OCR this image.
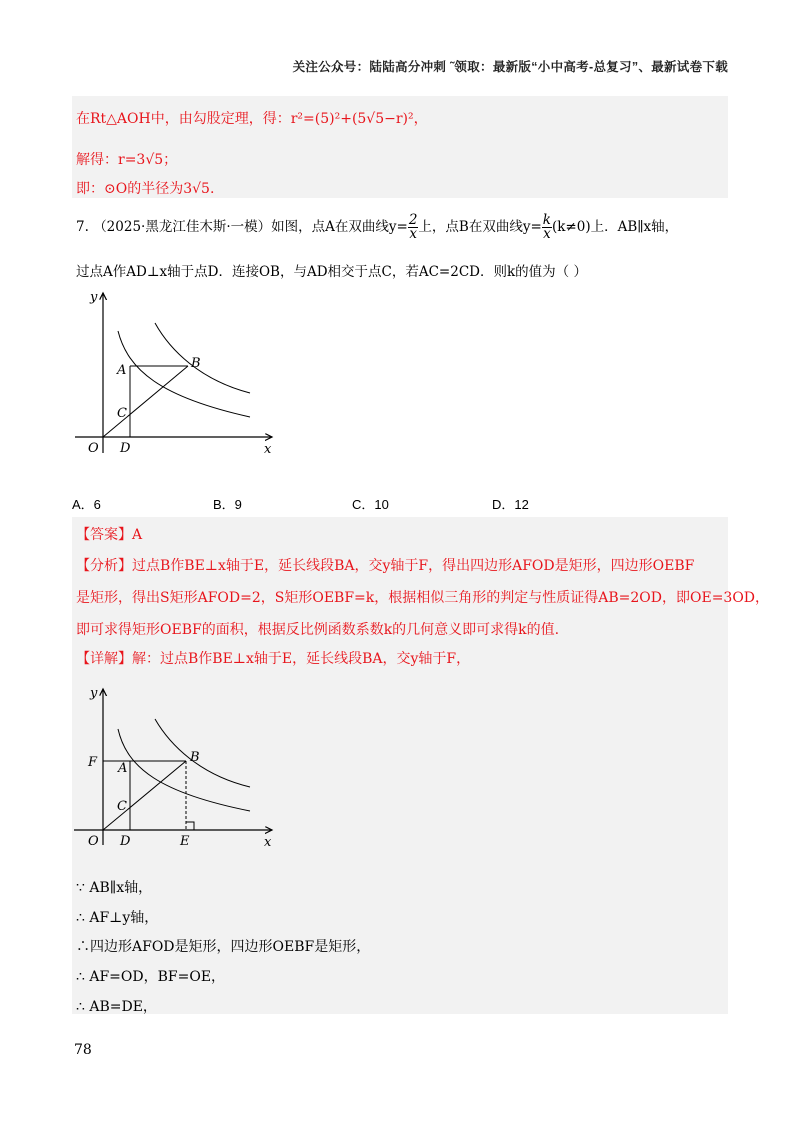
关注公众号：陆陆高分冲刺 ˜领取：最新版“小中高考-总复习”、最新试卷下载
在Rt△AOH中，由勾股定理，得：r²=(5)²+(5√5−r)²，
解得：r=3√5；
即：⊙O的半径为3√5.
7. （2025·黑龙江佳木斯·一模）如图，点A在双曲线$y= \frac{2}{x}$ 上，点B在双曲线$y= \frac{k}{x} (k\ne 0)$上．AB∥x轴，
过点A作AD⊥x轴于点D．连接OB，与AD相交于点C，若AC=2CD．则k的值为（ ）
y
x
O D
A	B
C
A．6	B．9	C．10	D．12
【答案】A
【分析】过点B作BE⊥x轴于E，延长线段BA，交y轴于F，得出四边形AFOD是矩形，四边形OEBF
是矩形，得出S矩形AFOD=2，S矩形OEBF=k，根据相似三角形的判定与性质证得AB=2OD，即OE=3OD，
即可求得矩形OEBF的面积，根据反比例函数系数k的几何意义即可求得k的值.
【详解】解：过点B作BE⊥x轴于E，延长线段BA，交y轴于F，
y
x
O D	E
F A
B
C
∵ AB∥x轴，
∴ AF⊥y轴，
∴四边形AFOD是矩形，四边形OEBF是矩形，
∴ AF=OD，BF=OE，
∴ AB=DE，
78
